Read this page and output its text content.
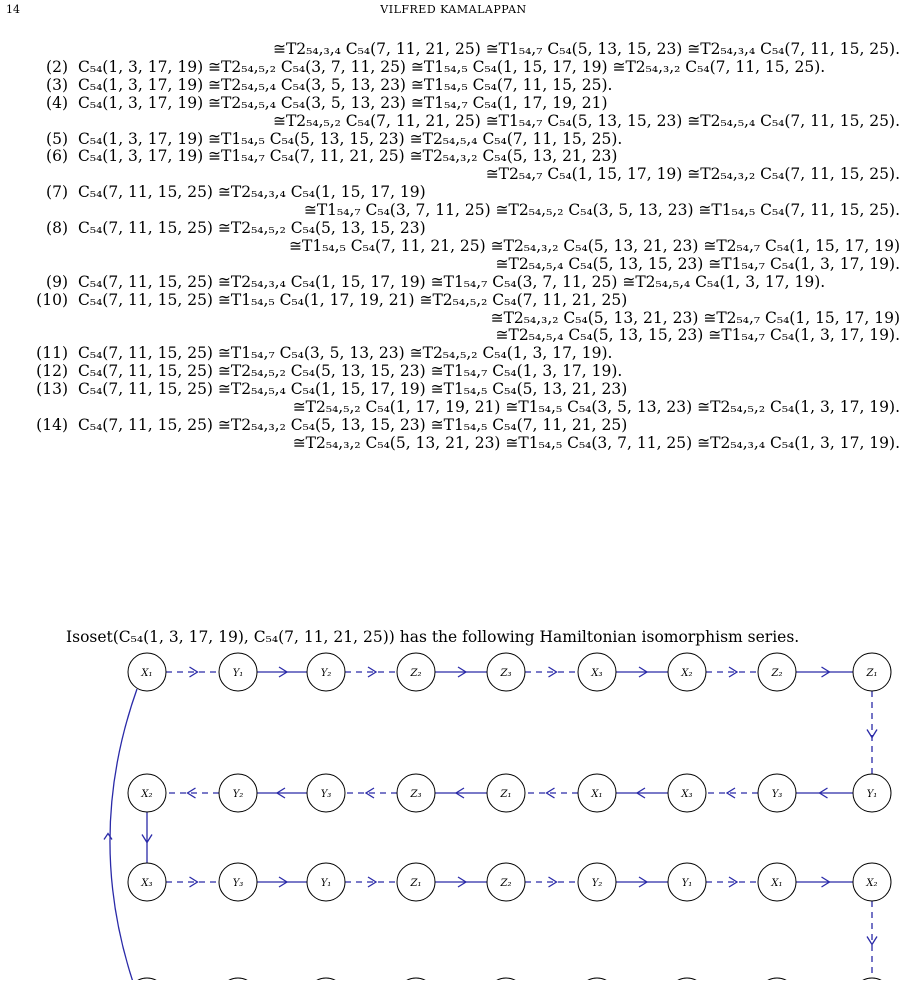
14	VILFRED KAMALAPPAN
≅T2₅₄,₃,₄ C₅₄(7, 11, 21, 25) ≅T1₅₄,₇ C₅₄(5, 13, 15, 23) ≅T2₅₄,₃,₄ C₅₄(7, 11, 15, 25).
(2) C₅₄(1, 3, 17, 19) ≅T2₅₄,₅,₂ C₅₄(3, 7, 11, 25) ≅T1₅₄,₅ C₅₄(1, 15, 17, 19) ≅T2₅₄,₃,₂ C₅₄(7, 11, 15, 25).
(3) C₅₄(1, 3, 17, 19) ≅T2₅₄,₅,₄ C₅₄(3, 5, 13, 23) ≅T1₅₄,₅ C₅₄(7, 11, 15, 25).
(4) C₅₄(1, 3, 17, 19) ≅T2₅₄,₅,₄ C₅₄(3, 5, 13, 23) ≅T1₅₄,₇ C₅₄(1, 17, 19, 21)
≅T2₅₄,₅,₂ C₅₄(7, 11, 21, 25) ≅T1₅₄,₇ C₅₄(5, 13, 15, 23) ≅T2₅₄,₅,₄ C₅₄(7, 11, 15, 25).
(5) C₅₄(1, 3, 17, 19) ≅T1₅₄,₅ C₅₄(5, 13, 15, 23) ≅T2₅₄,₅,₄ C₅₄(7, 11, 15, 25).
(6) C₅₄(1, 3, 17, 19) ≅T1₅₄,₇ C₅₄(7, 11, 21, 25) ≅T2₅₄,₃,₂ C₅₄(5, 13, 21, 23)
≅T2₅₄,₇ C₅₄(1, 15, 17, 19) ≅T2₅₄,₃,₂ C₅₄(7, 11, 15, 25).
(7) C₅₄(7, 11, 15, 25) ≅T2₅₄,₃,₄ C₅₄(1, 15, 17, 19)
≅T1₅₄,₇ C₅₄(3, 7, 11, 25) ≅T2₅₄,₅,₂ C₅₄(3, 5, 13, 23) ≅T1₅₄,₅ C₅₄(7, 11, 15, 25).
(8) C₅₄(7, 11, 15, 25) ≅T2₅₄,₅,₂ C₅₄(5, 13, 15, 23)
≅T1₅₄,₅ C₅₄(7, 11, 21, 25) ≅T2₅₄,₃,₂ C₅₄(5, 13, 21, 23) ≅T2₅₄,₇ C₅₄(1, 15, 17, 19)
≅T2₅₄,₅,₄ C₅₄(5, 13, 15, 23) ≅T1₅₄,₇ C₅₄(1, 3, 17, 19).
(9) C₅₄(7, 11, 15, 25) ≅T2₅₄,₃,₄ C₅₄(1, 15, 17, 19) ≅T1₅₄,₇ C₅₄(3, 7, 11, 25) ≅T2₅₄,₅,₄ C₅₄(1, 3, 17, 19).
(10) C₅₄(7, 11, 15, 25) ≅T1₅₄,₅ C₅₄(1, 17, 19, 21) ≅T2₅₄,₅,₂ C₅₄(7, 11, 21, 25)
≅T2₅₄,₃,₂ C₅₄(5, 13, 21, 23) ≅T2₅₄,₇ C₅₄(1, 15, 17, 19)
≅T2₅₄,₅,₄ C₅₄(5, 13, 15, 23) ≅T1₅₄,₇ C₅₄(1, 3, 17, 19).
(11) C₅₄(7, 11, 15, 25) ≅T1₅₄,₇ C₅₄(3, 5, 13, 23) ≅T2₅₄,₅,₂ C₅₄(1, 3, 17, 19).
(12) C₅₄(7, 11, 15, 25) ≅T2₅₄,₅,₂ C₅₄(5, 13, 15, 23) ≅T1₅₄,₇ C₅₄(1, 3, 17, 19).
(13) C₅₄(7, 11, 15, 25) ≅T2₅₄,₅,₄ C₅₄(1, 15, 17, 19) ≅T1₅₄,₅ C₅₄(5, 13, 21, 23)
≅T2₅₄,₅,₂ C₅₄(1, 17, 19, 21) ≅T1₅₄,₅ C₅₄(3, 5, 13, 23) ≅T2₅₄,₅,₂ C₅₄(1, 3, 17, 19).
(14) C₅₄(7, 11, 15, 25) ≅T2₅₄,₃,₂ C₅₄(5, 13, 15, 23) ≅T1₅₄,₅ C₅₄(7, 11, 21, 25)
≅T2₅₄,₃,₂ C₅₄(5, 13, 21, 23) ≅T1₅₄,₅ C₅₄(3, 7, 11, 25) ≅T2₅₄,₃,₄ C₅₄(1, 3, 17, 19).
Isoset(C₅₄(1, 3, 17, 19), C₅₄(7, 11, 21, 25)) has the following Hamiltonian isomorphism series.
X₁	Y₁	Y₂	Z₂	Z₃	X₃	X₂	Z₂	Z₁
X₂	Y₂	Y₃	Z₃	Z₁	X₁	X₃	Y₃	Y₁
X₃	Y₃	Y₁	Z₁	Z₂	Y₂	Y₁	X₁	X₂
